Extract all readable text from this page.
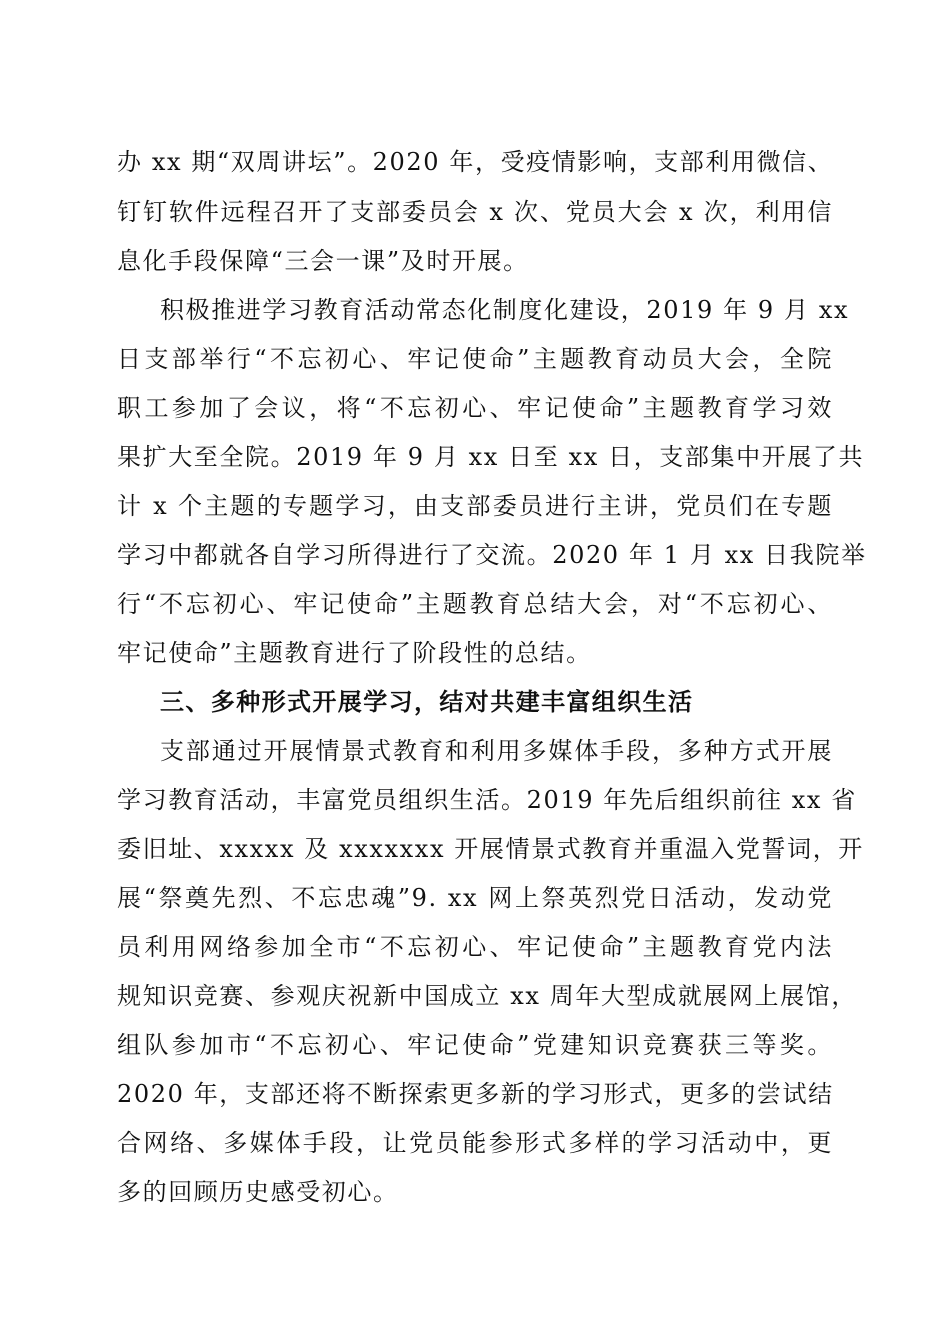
办 xx 期“双周讲坛”。2020 年，受疫情影响，支部利用微信、
钉钉软件远程召开了支部委员会 x 次、党员大会 x 次，利用信
息化手段保障“三会一课”及时开展。
积极推进学习教育活动常态化制度化建设，2019 年 9 月 xx
日支部举行“不忘初心、牢记使命”主题教育动员大会，全院
职工参加了会议，将“不忘初心、牢记使命”主题教育学习效
果扩大至全院。2019 年 9 月 xx 日至 xx 日，支部集中开展了共
计 x 个主题的专题学习，由支部委员进行主讲，党员们在专题
学习中都就各自学习所得进行了交流。2020 年 1 月 xx 日我院举
行“不忘初心、牢记使命”主题教育总结大会，对“不忘初心、
牢记使命”主题教育进行了阶段性的总结。
三、多种形式开展学习，结对共建丰富组织生活
支部通过开展情景式教育和利用多媒体手段，多种方式开展
学习教育活动，丰富党员组织生活。2019 年先后组织前往 xx 省
委旧址、xxxxx 及 xxxxxxx 开展情景式教育并重温入党誓词，开
展“祭奠先烈、不忘忠魂”9. xx 网上祭英烈党日活动，发动党
员利用网络参加全市“不忘初心、牢记使命”主题教育党内法
规知识竞赛、参观庆祝新中国成立 xx 周年大型成就展网上展馆，
组队参加市“不忘初心、牢记使命”党建知识竞赛获三等奖。
2020 年，支部还将不断探索更多新的学习形式，更多的尝试结
合网络、多媒体手段，让党员能参形式多样的学习活动中，更
多的回顾历史感受初心。
